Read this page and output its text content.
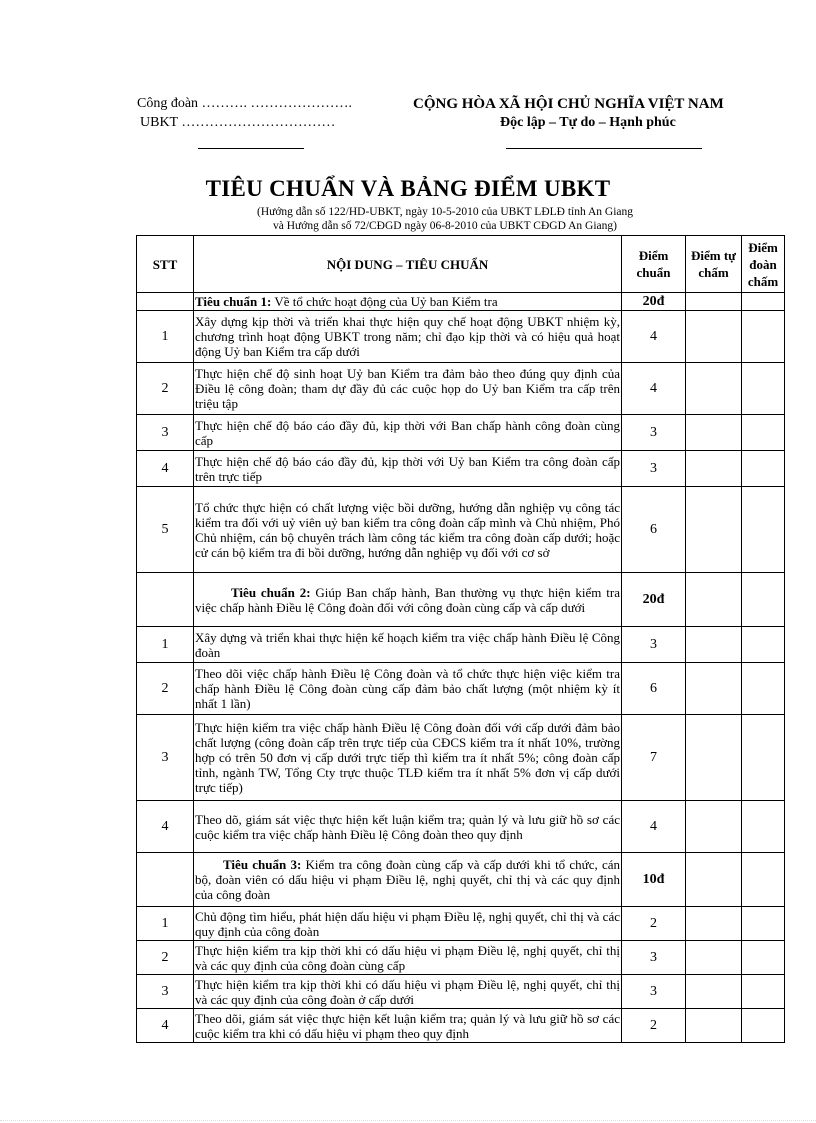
Công đoàn ………. ………………….
UBKT ……………………………
CỘNG HÒA XÃ HỘI CHỦ NGHĨA VIỆT NAM
Độc lập – Tự do – Hạnh phúc
TIÊU CHUẨN VÀ BẢNG ĐIỂM UBKT
(Hướng dẫn số 122/HD-UBKT, ngày 10-5-2010 của UBKT LĐLĐ tỉnh An Giang
và Hướng dẫn số 72/CĐGD ngày 06-8-2010 của UBKT CĐGD An Giang)
STT	NỘI DUNG – TIÊU CHUẨN	Điểm chuẩn	Điểm tự chấm	Điểm đoàn chấm
	Tiêu chuẩn 1: Về tổ chức hoạt động của Uỷ ban Kiểm tra	20đ		
1	Xây dựng kịp thời và triển khai thực hiện quy chế hoạt động UBKT nhiệm kỳ, chương trình hoạt động UBKT trong năm; chỉ đạo kịp thời và có hiệu quả hoạt động Uỷ ban Kiểm tra cấp dưới	4		
2	Thực hiện chế độ sinh hoạt Uỷ ban Kiểm tra đảm bảo theo đúng quy định của Điều lệ công đoàn; tham dự đầy đủ các cuộc họp do Uỷ ban Kiểm tra cấp trên triệu tập	4		
3	Thực hiện chế độ báo cáo đầy đủ, kịp thời với Ban chấp hành công đoàn cùng cấp	3		
4	Thực hiện chế độ báo cáo đầy đủ, kịp thời với Uỷ ban Kiểm tra công đoàn cấp trên trực tiếp	3		
5	Tổ chức thực hiện có chất lượng việc bồi dưỡng, hướng dẫn nghiệp vụ công tác kiểm tra đối với uỷ viên uỷ ban kiểm tra công đoàn cấp mình và Chủ nhiệm, Phó Chủ nhiệm, cán bộ chuyên trách làm công tác kiểm tra công đoàn cấp dưới; hoặc cử cán bộ kiểm tra đi bồi dưỡng, hướng dẫn nghiệp vụ đối với cơ sở	6		
	Tiêu chuẩn 2: Giúp Ban chấp hành, Ban thường vụ thực hiện kiểm tra việc chấp hành Điều lệ Công đoàn đối với công đoàn cùng cấp và cấp dưới	20đ		
1	Xây dựng và triển khai thực hiện kế hoạch kiểm tra việc chấp hành Điều lệ Công đoàn	3		
2	Theo dõi việc chấp hành Điều lệ Công đoàn và tổ chức thực hiện việc kiểm tra chấp hành Điều lệ Công đoàn cùng cấp đảm bảo chất lượng (một nhiệm kỳ ít nhất 1 lần)	6		
3	Thực hiện kiểm tra việc chấp hành Điều lệ Công đoàn đối với cấp dưới đảm bảo chất lượng (công đoàn cấp trên trực tiếp của CĐCS kiểm tra ít nhất 10%, trường hợp có trên 50 đơn vị cấp dưới trực tiếp thì kiểm tra ít nhất 5%; công đoàn cấp tỉnh, ngành TW, Tổng Cty trực thuộc TLĐ kiểm tra ít nhất 5% đơn vị cấp dưới trực tiếp)	7		
4	Theo dõ, giám sát việc thực hiện kết luận kiểm tra; quản lý và lưu giữ hồ sơ các cuộc kiểm tra việc chấp hành Điều lệ Công đoàn theo quy định	4		
	Tiêu chuẩn 3: Kiểm tra công đoàn cùng cấp và cấp dưới khi tổ chức, cán bộ, đoàn viên có dấu hiệu vi phạm Điều lệ, nghị quyết, chỉ thị và các quy định của công đoàn	10đ		
1	Chủ động tìm hiểu, phát hiện dấu hiệu vi phạm Điều lệ, nghị quyết, chỉ thị và các quy định của công đoàn	2		
2	Thực hiện kiểm tra kịp thời khi có dấu hiệu vi phạm Điều lệ, nghị quyết, chỉ thị và các quy định của công đoàn cùng cấp	3		
3	Thực hiện kiểm tra kịp thời khi có dấu hiệu vi phạm Điều lệ, nghị quyết, chỉ thị và các quy định của công đoàn ở cấp dưới	3		
4	Theo dõi, giám sát việc thực hiện kết luận kiểm tra; quản lý và lưu giữ hồ sơ các cuộc kiểm tra khi có dấu hiệu vi phạm theo quy định	2		
